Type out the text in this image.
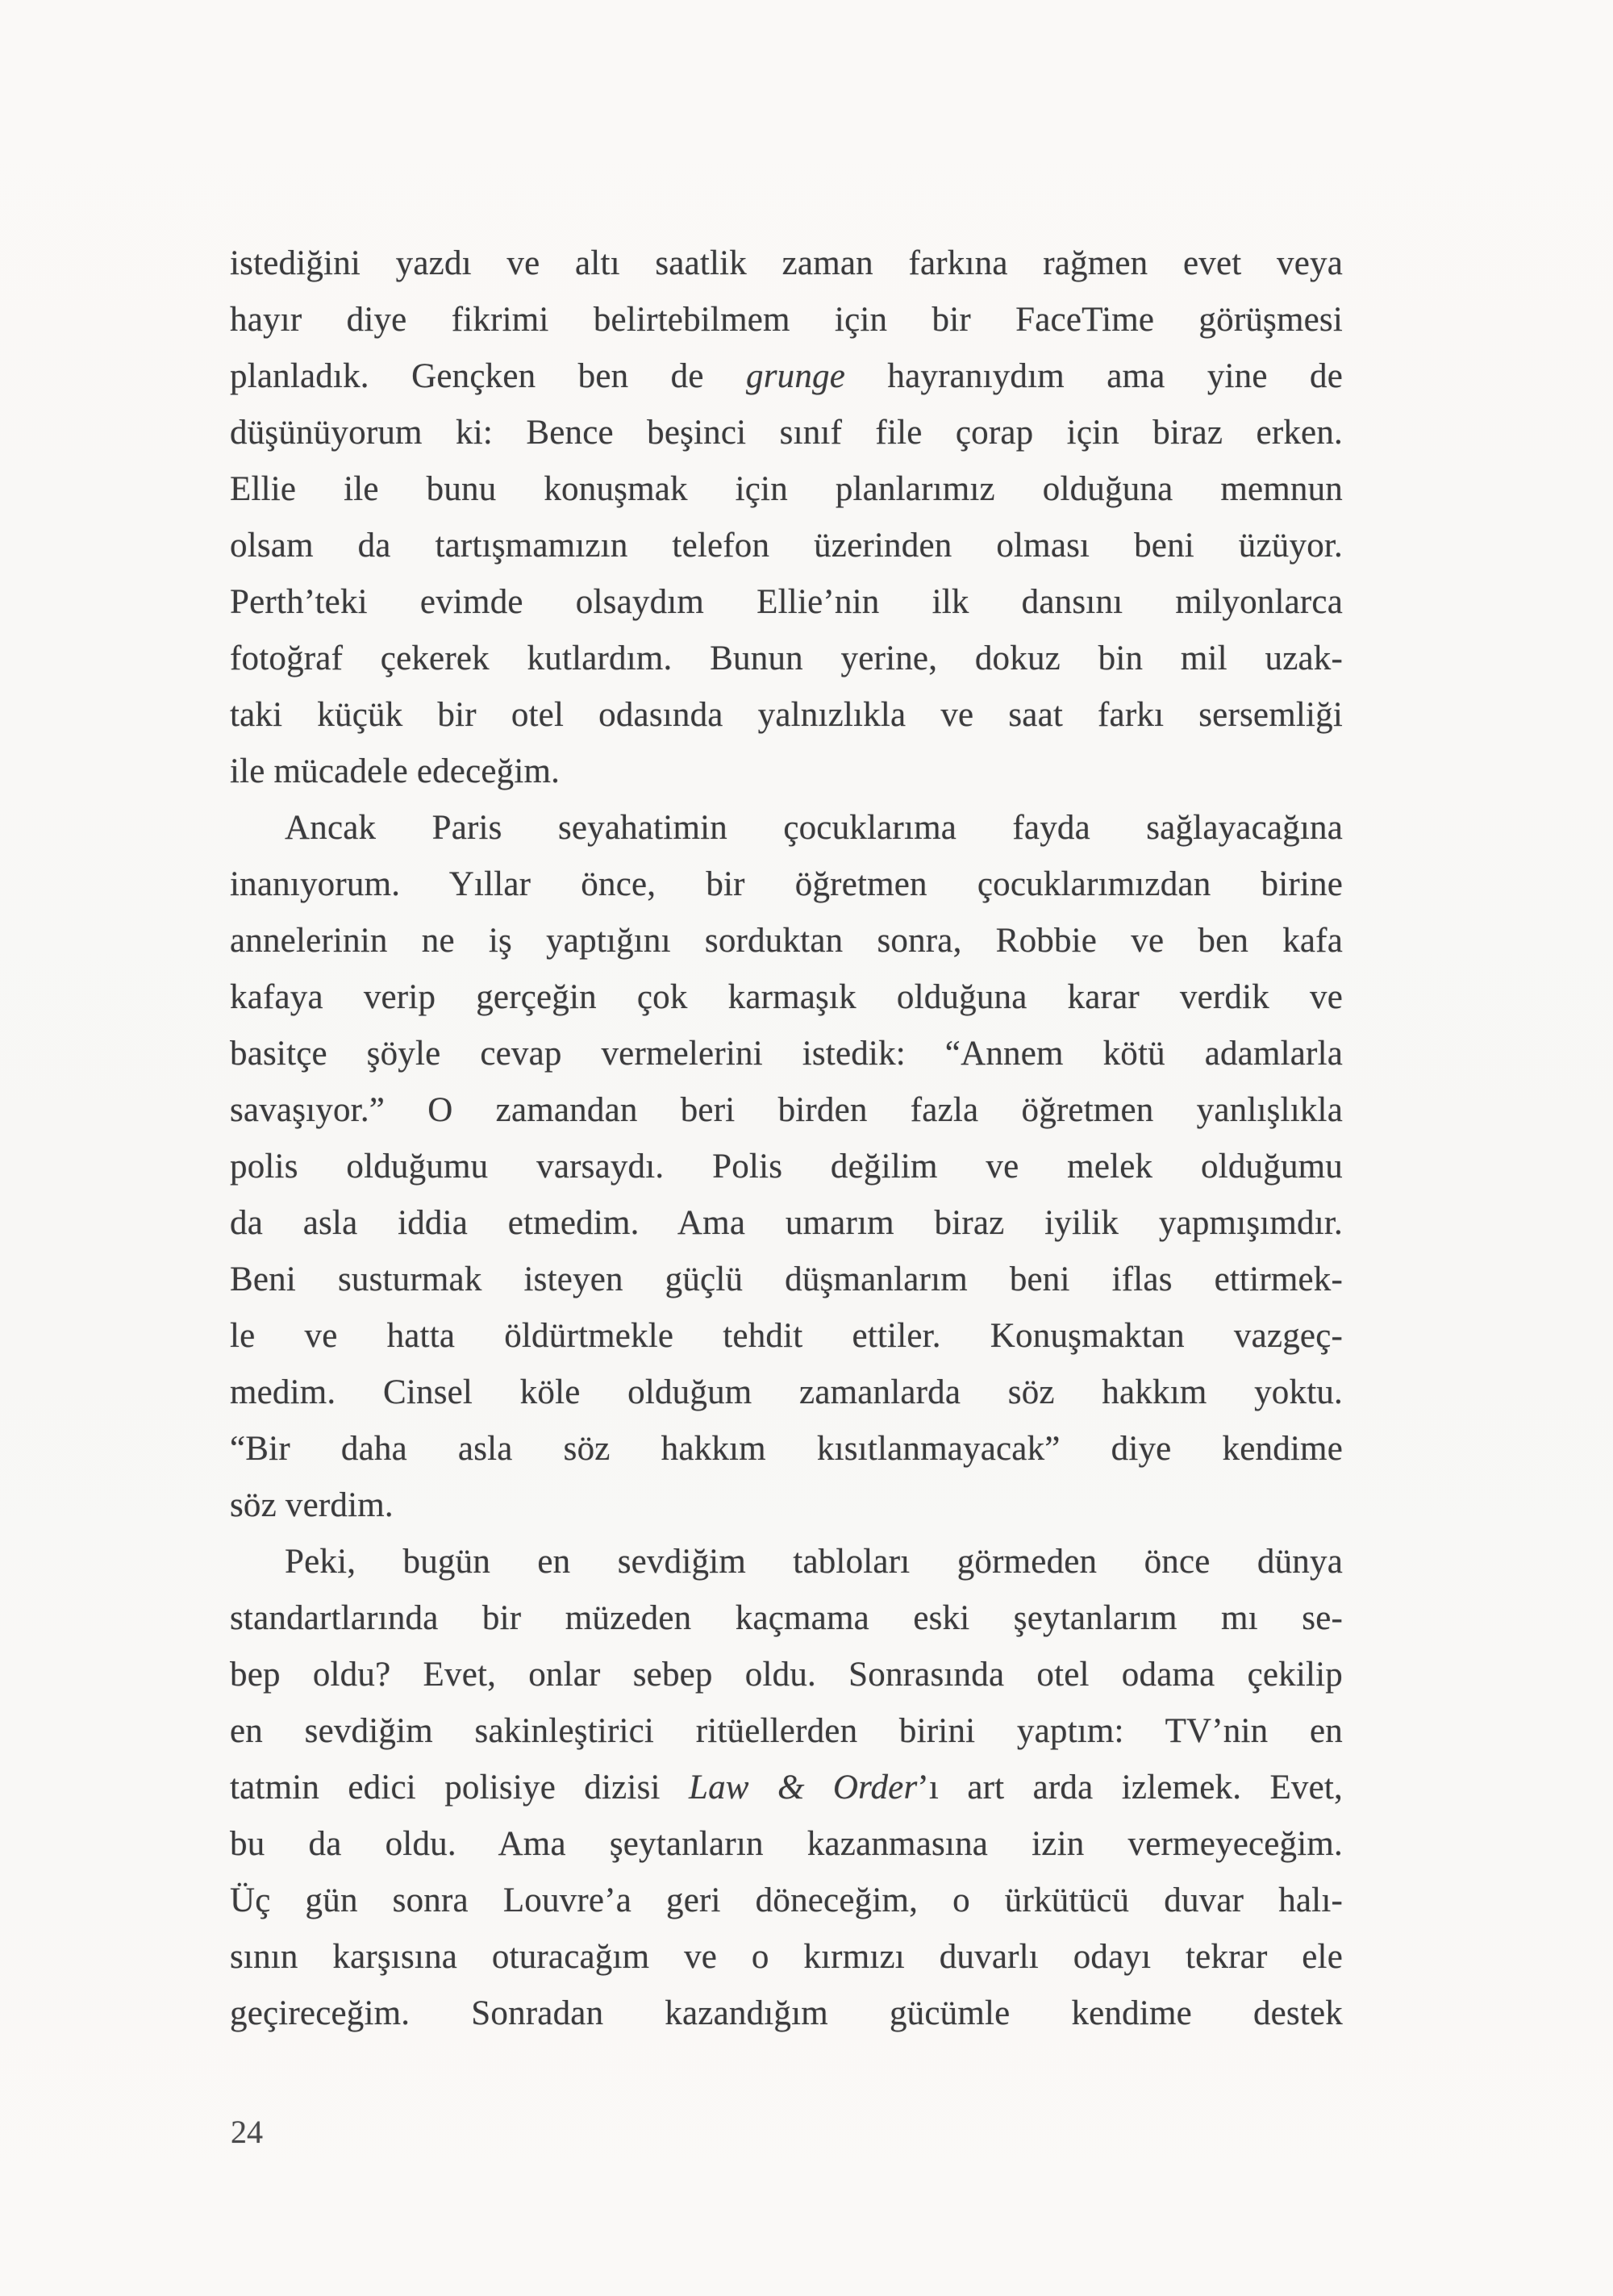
istediğini yazdı ve altı saatlik zaman farkına rağmen evet veya
hayır diye fikrimi belirtebilmem için bir FaceTime görüşmesi
planladık. Gençken ben de grunge hayranıydım ama yine de
düşünüyorum ki: Bence beşinci sınıf file çorap için biraz erken.
Ellie ile bunu konuşmak için planlarımız olduğuna memnun
olsam da tartışmamızın telefon üzerinden olması beni üzüyor.
Perth’teki evimde olsaydım Ellie’nin ilk dansını milyonlarca
fotoğraf çekerek kutlardım. Bunun yerine, dokuz bin mil uzak-
taki küçük bir otel odasında yalnızlıkla ve saat farkı sersemliği
ile mücadele edeceğim.
Ancak Paris seyahatimin çocuklarıma fayda sağlayacağına
inanıyorum. Yıllar önce, bir öğretmen çocuklarımızdan birine
annelerinin ne iş yaptığını sorduktan sonra, Robbie ve ben kafa
kafaya verip gerçeğin çok karmaşık olduğuna karar verdik ve
basitçe şöyle cevap vermelerini istedik: “Annem kötü adamlarla
savaşıyor.” O zamandan beri birden fazla öğretmen yanlışlıkla
polis olduğumu varsaydı. Polis değilim ve melek olduğumu
da asla iddia etmedim. Ama umarım biraz iyilik yapmışımdır.
Beni susturmak isteyen güçlü düşmanlarım beni iflas ettirmek-
le ve hatta öldürtmekle tehdit ettiler. Konuşmaktan vazgeç-
medim. Cinsel köle olduğum zamanlarda söz hakkım yoktu.
“Bir daha asla söz hakkım kısıtlanmayacak” diye kendime
söz verdim.
Peki, bugün en sevdiğim tabloları görmeden önce dünya
standartlarında bir müzeden kaçmama eski şeytanlarım mı se-
bep oldu? Evet, onlar sebep oldu. Sonrasında otel odama çekilip
en sevdiğim sakinleştirici ritüellerden birini yaptım: TV’nin en
tatmin edici polisiye dizisi Law & Order’ı art arda izlemek. Evet,
bu da oldu. Ama şeytanların kazanmasına izin vermeyeceğim.
Üç gün sonra Louvre’a geri döneceğim, o ürkütücü duvar halı-
sının karşısına oturacağım ve o kırmızı duvarlı odayı tekrar ele
geçireceğim. Sonradan kazandığım gücümle kendime destek
24
